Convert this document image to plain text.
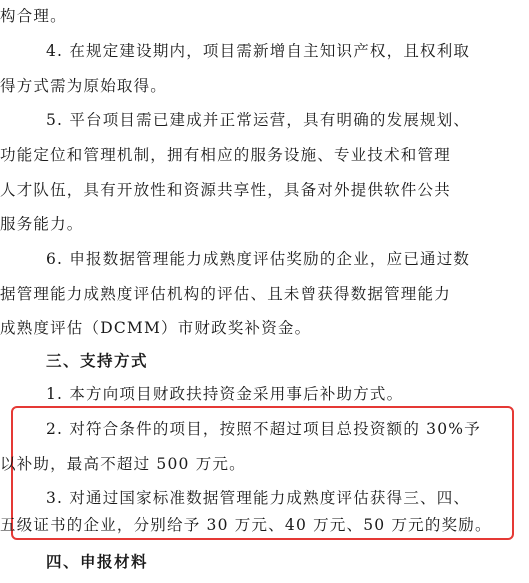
构合理。
4. 在规定建设期内，项目需新增自主知识产权，且权利取
得方式需为原始取得。
5. 平台项目需已建成并正常运营，具有明确的发展规划、
功能定位和管理机制，拥有相应的服务设施、专业技术和管理
人才队伍，具有开放性和资源共享性，具备对外提供软件公共
服务能力。
6. 申报数据管理能力成熟度评估奖励的企业，应已通过数
据管理能力成熟度评估机构的评估、且未曾获得数据管理能力
成熟度评估（DCMM）市财政奖补资金。
三、支持方式
1. 本方向项目财政扶持资金采用事后补助方式。
2. 对符合条件的项目，按照不超过项目总投资额的 30%予
以补助，最高不超过 500 万元。
3. 对通过国家标准数据管理能力成熟度评估获得三、四、
五级证书的企业，分别给予 30 万元、40 万元、50 万元的奖励。
四、申报材料
